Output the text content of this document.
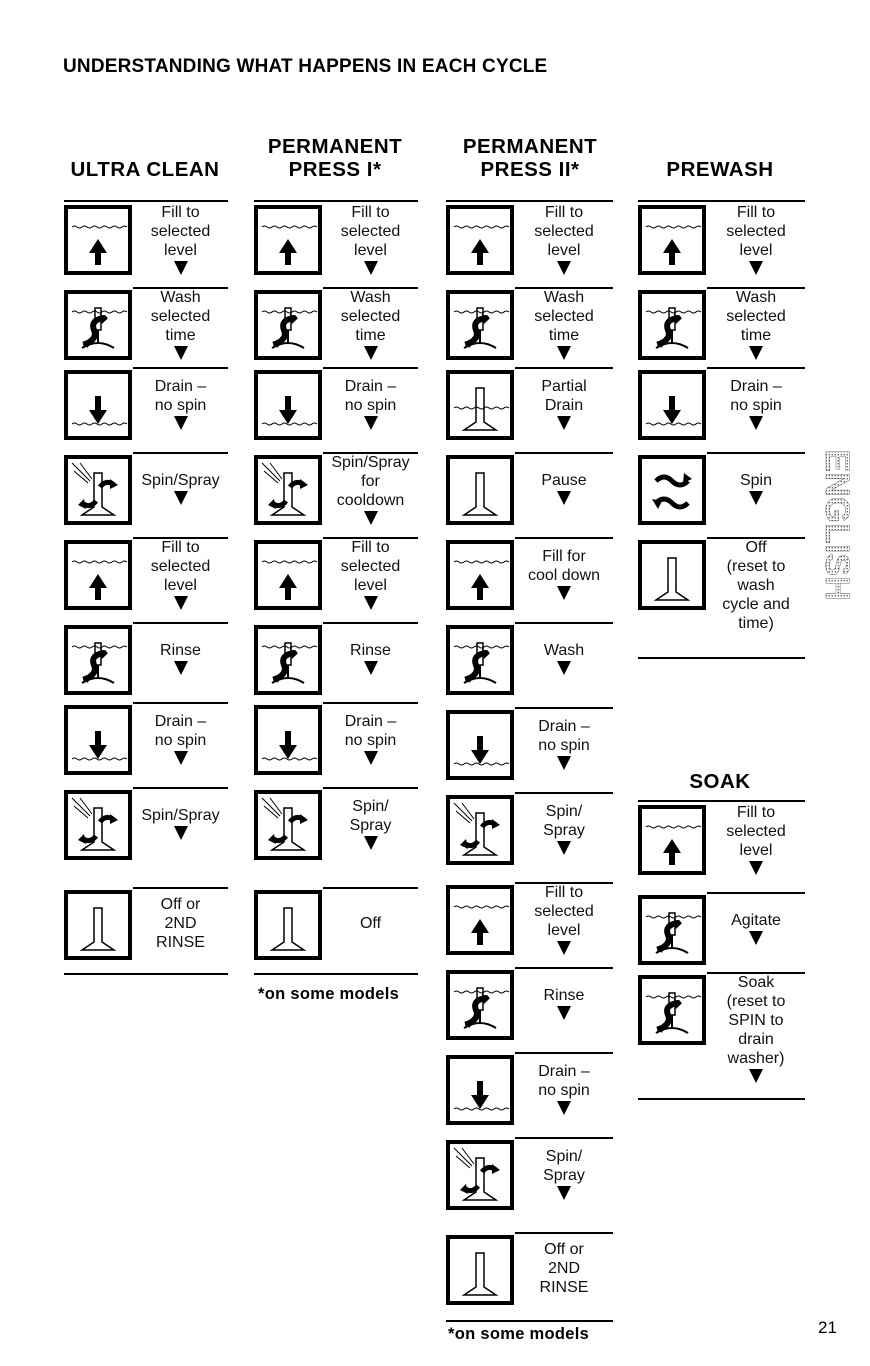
UNDERSTANDING WHAT HAPPENS IN EACH CYCLE
ULTRA CLEAN
PERMANENT
PRESS I*
PERMANENT
PRESS II*	PREWASH
SOAK
Fill to
selected
level
Wash
selected
time
Drain –
no spin
Spin/Spray
Fill to
selected
level
Rinse
Drain –
no spin
Spin/Spray
Off or
2ND
RINSE
Fill to
selected
level
Wash
selected
time
Drain –
no spin
Spin/Spray
for
cooldown
Fill to
selected
level
Rinse
Drain –
no spin
Spin/
Spray
Off
Fill to
selected
level
Wash
selected
time
Partial
Drain
Pause
Fill for
cool down
Wash
Drain –
no spin
Spin/
Spray
Fill to
selected
level
Rinse
Drain –
no spin
Spin/
Spray
Off or
2ND
RINSE
Fill to
selected
level
Wash
selected
time
Drain –
no spin
Spin
Off
(reset to
wash
cycle and
time)
Fill to
selected
level
Agitate
Soak
(reset to
SPIN to
drain
washer)
*on some models
*on some models	21
ENGLISH
